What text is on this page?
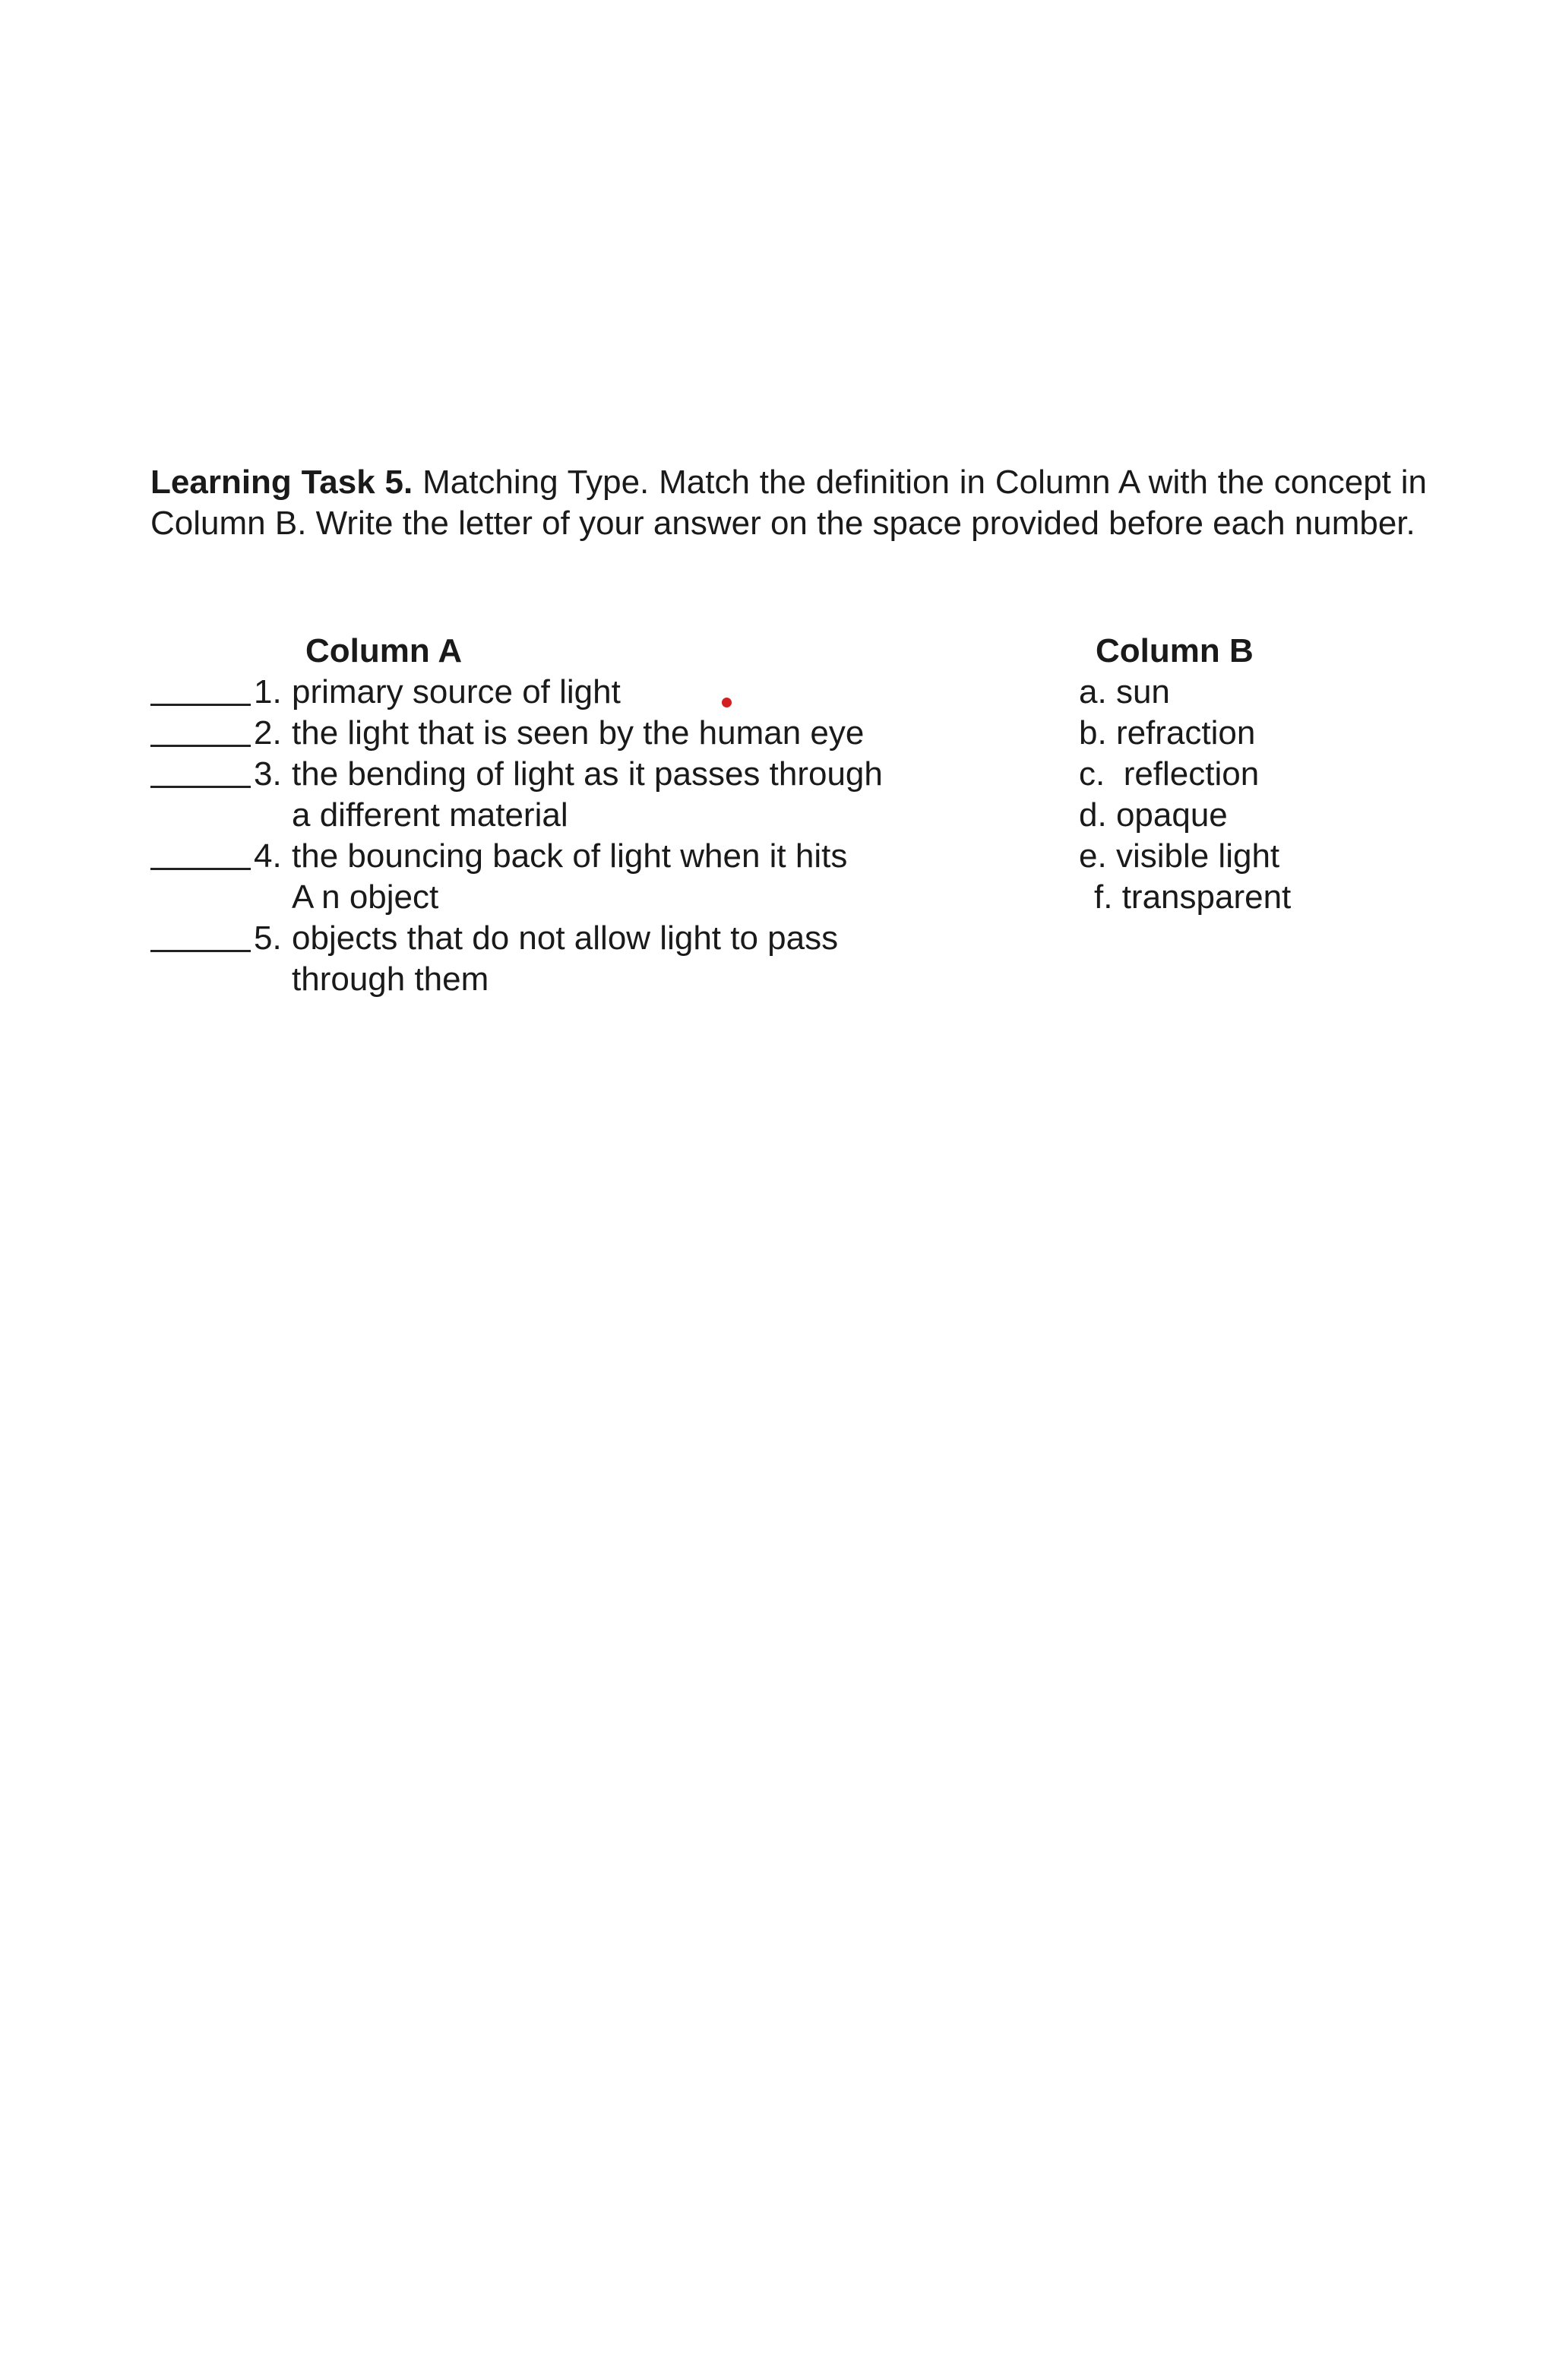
Learning Task 5. Matching Type. Match the definition in Column A with the concept in Column B. Write the letter of your answer on the space provided before each number.

Column A	Column B
1. primary source of light
2. the light that is seen by the human eye
3. the bending of light as it passes through
a different material
4. the bouncing back of light when it hits
A n object
5. objects that do not allow light to pass
through them
a. sun
b. refraction
c. reflection
d. opaque
e. visible light
f. transparent
